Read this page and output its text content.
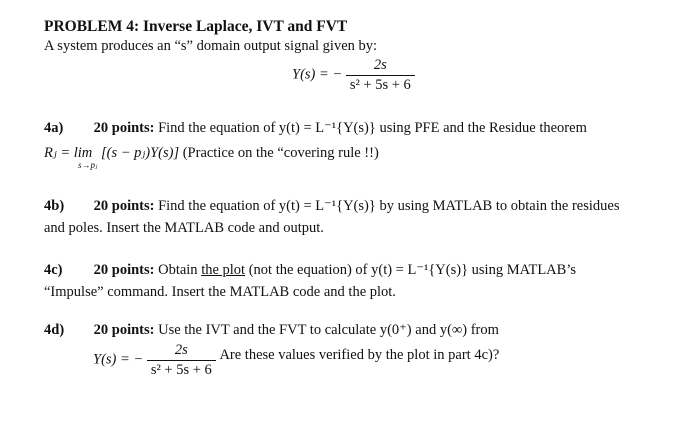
PROBLEM 4: Inverse Laplace, IVT and FVT
A system produces an “s” domain output signal given by:
Y(s) = − $\frac{2s}{\text{s² + 5s + 6}}$
4a) 20 points: Find the equation of y(t) = L⁻¹{Y(s)} using PFE and the Residue theorem
Rⱼ = lim
s→pⱼ
[(s − pⱼ)Y(s)] (Practice on the “covering rule !!)
4b) 20 points: Find the equation of y(t) = L⁻¹{Y(s)} by using MATLAB to obtain the residues
and poles. Insert the MATLAB code and output.
4c) 20 points: Obtain the plot (not the equation) of y(t) = L⁻¹{Y(s)} using MATLAB’s
“Impulse” command. Insert the MATLAB code and the plot.
4d) 20 points: Use the IVT and the FVT to calculate y(0⁺) and y(∞) from
Y(s) = − $\frac{2s}{\text{s² + 5s + 6}}$ Are these values verified by the plot in part 4c)?
